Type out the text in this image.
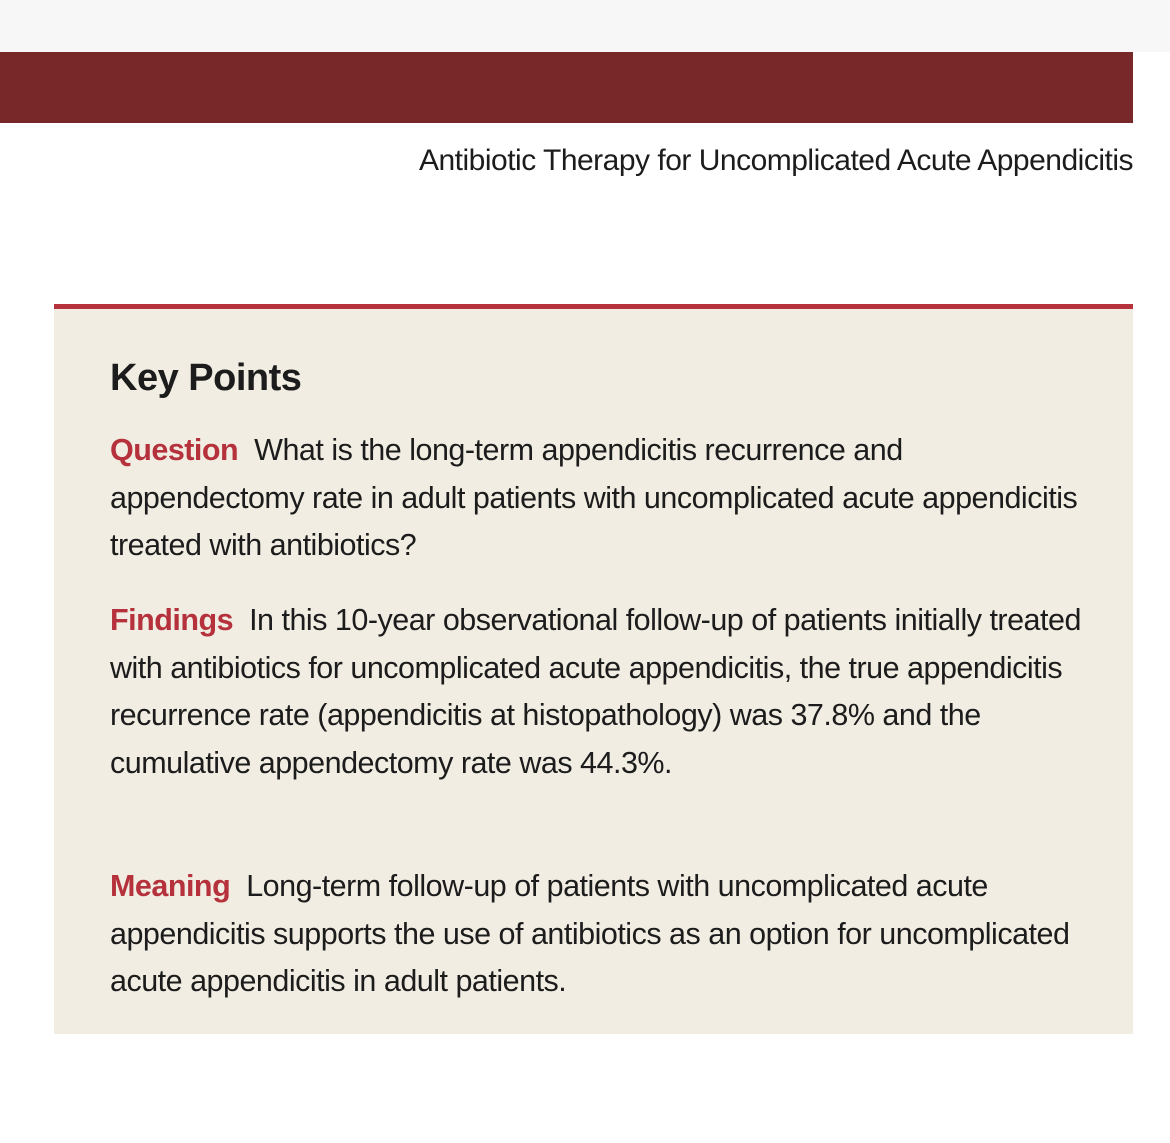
Antibiotic Therapy for Uncomplicated Acute Appendicitis
Key Points

Question What is the long-term appendicitis recurrence and appendectomy rate in adult patients with uncomplicated acute appendicitis treated with antibiotics?

Findings In this 10-year observational follow-up of patients initially treated with antibiotics for uncomplicated acute appendicitis, the true appendicitis recurrence rate (appendicitis at histopathology) was 37.8% and the cumulative appendectomy rate was 44.3%.

Meaning Long-term follow-up of patients with uncomplicated acute appendicitis supports the use of antibiotics as an option for uncomplicated acute appendicitis in adult patients.
